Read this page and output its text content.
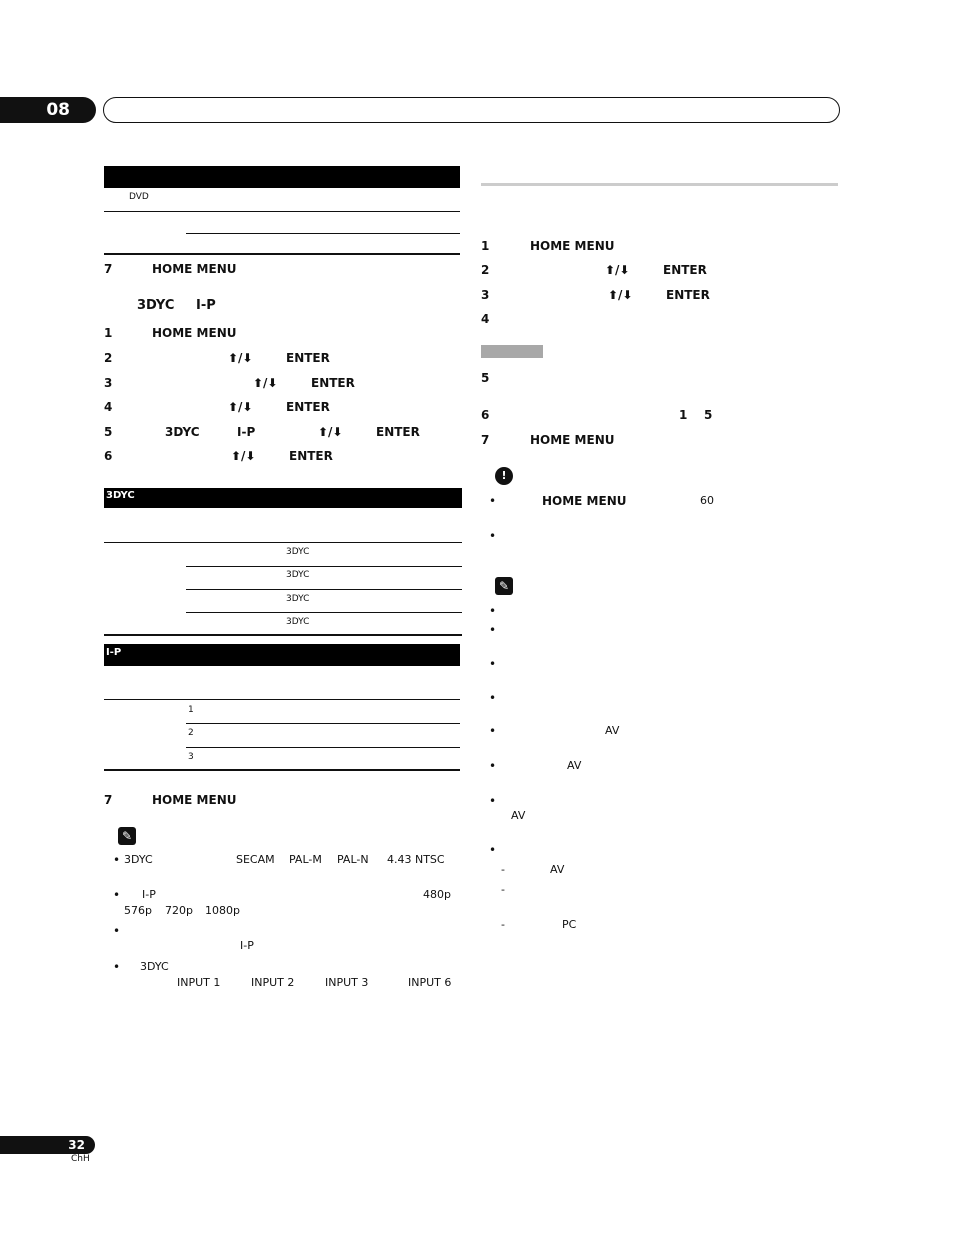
08
DVD
7	HOME MENU
3DYC I-P
1	HOME MENU
2	⬆/⬇	ENTER
3	⬆/⬇	ENTER
4	⬆/⬇	ENTER
5	3DYC	I-P	⬆/⬇	ENTER
6	⬆/⬇	ENTER
3DYC
3DYC
3DYC
3DYC
3DYC
I-P
1
2
3
7	HOME MENU
✎
• 3DYC	SECAM PAL-M PAL-N 4.43 NTSC
• I-P	480p
576p 720p 1080p
•
I-P
• 3DYC
INPUT 1	INPUT 2	INPUT 3	INPUT 6
1	HOME MENU
2	⬆/⬇	ENTER
3	⬆/⬇	ENTER
4
5
6	1 5
7	HOME MENU
!
•	HOME MENU	60
•
✎
•
•
•
•
•	AV
•	AV
•
AV
•
-	AV
-
-	PC
32
ChH
